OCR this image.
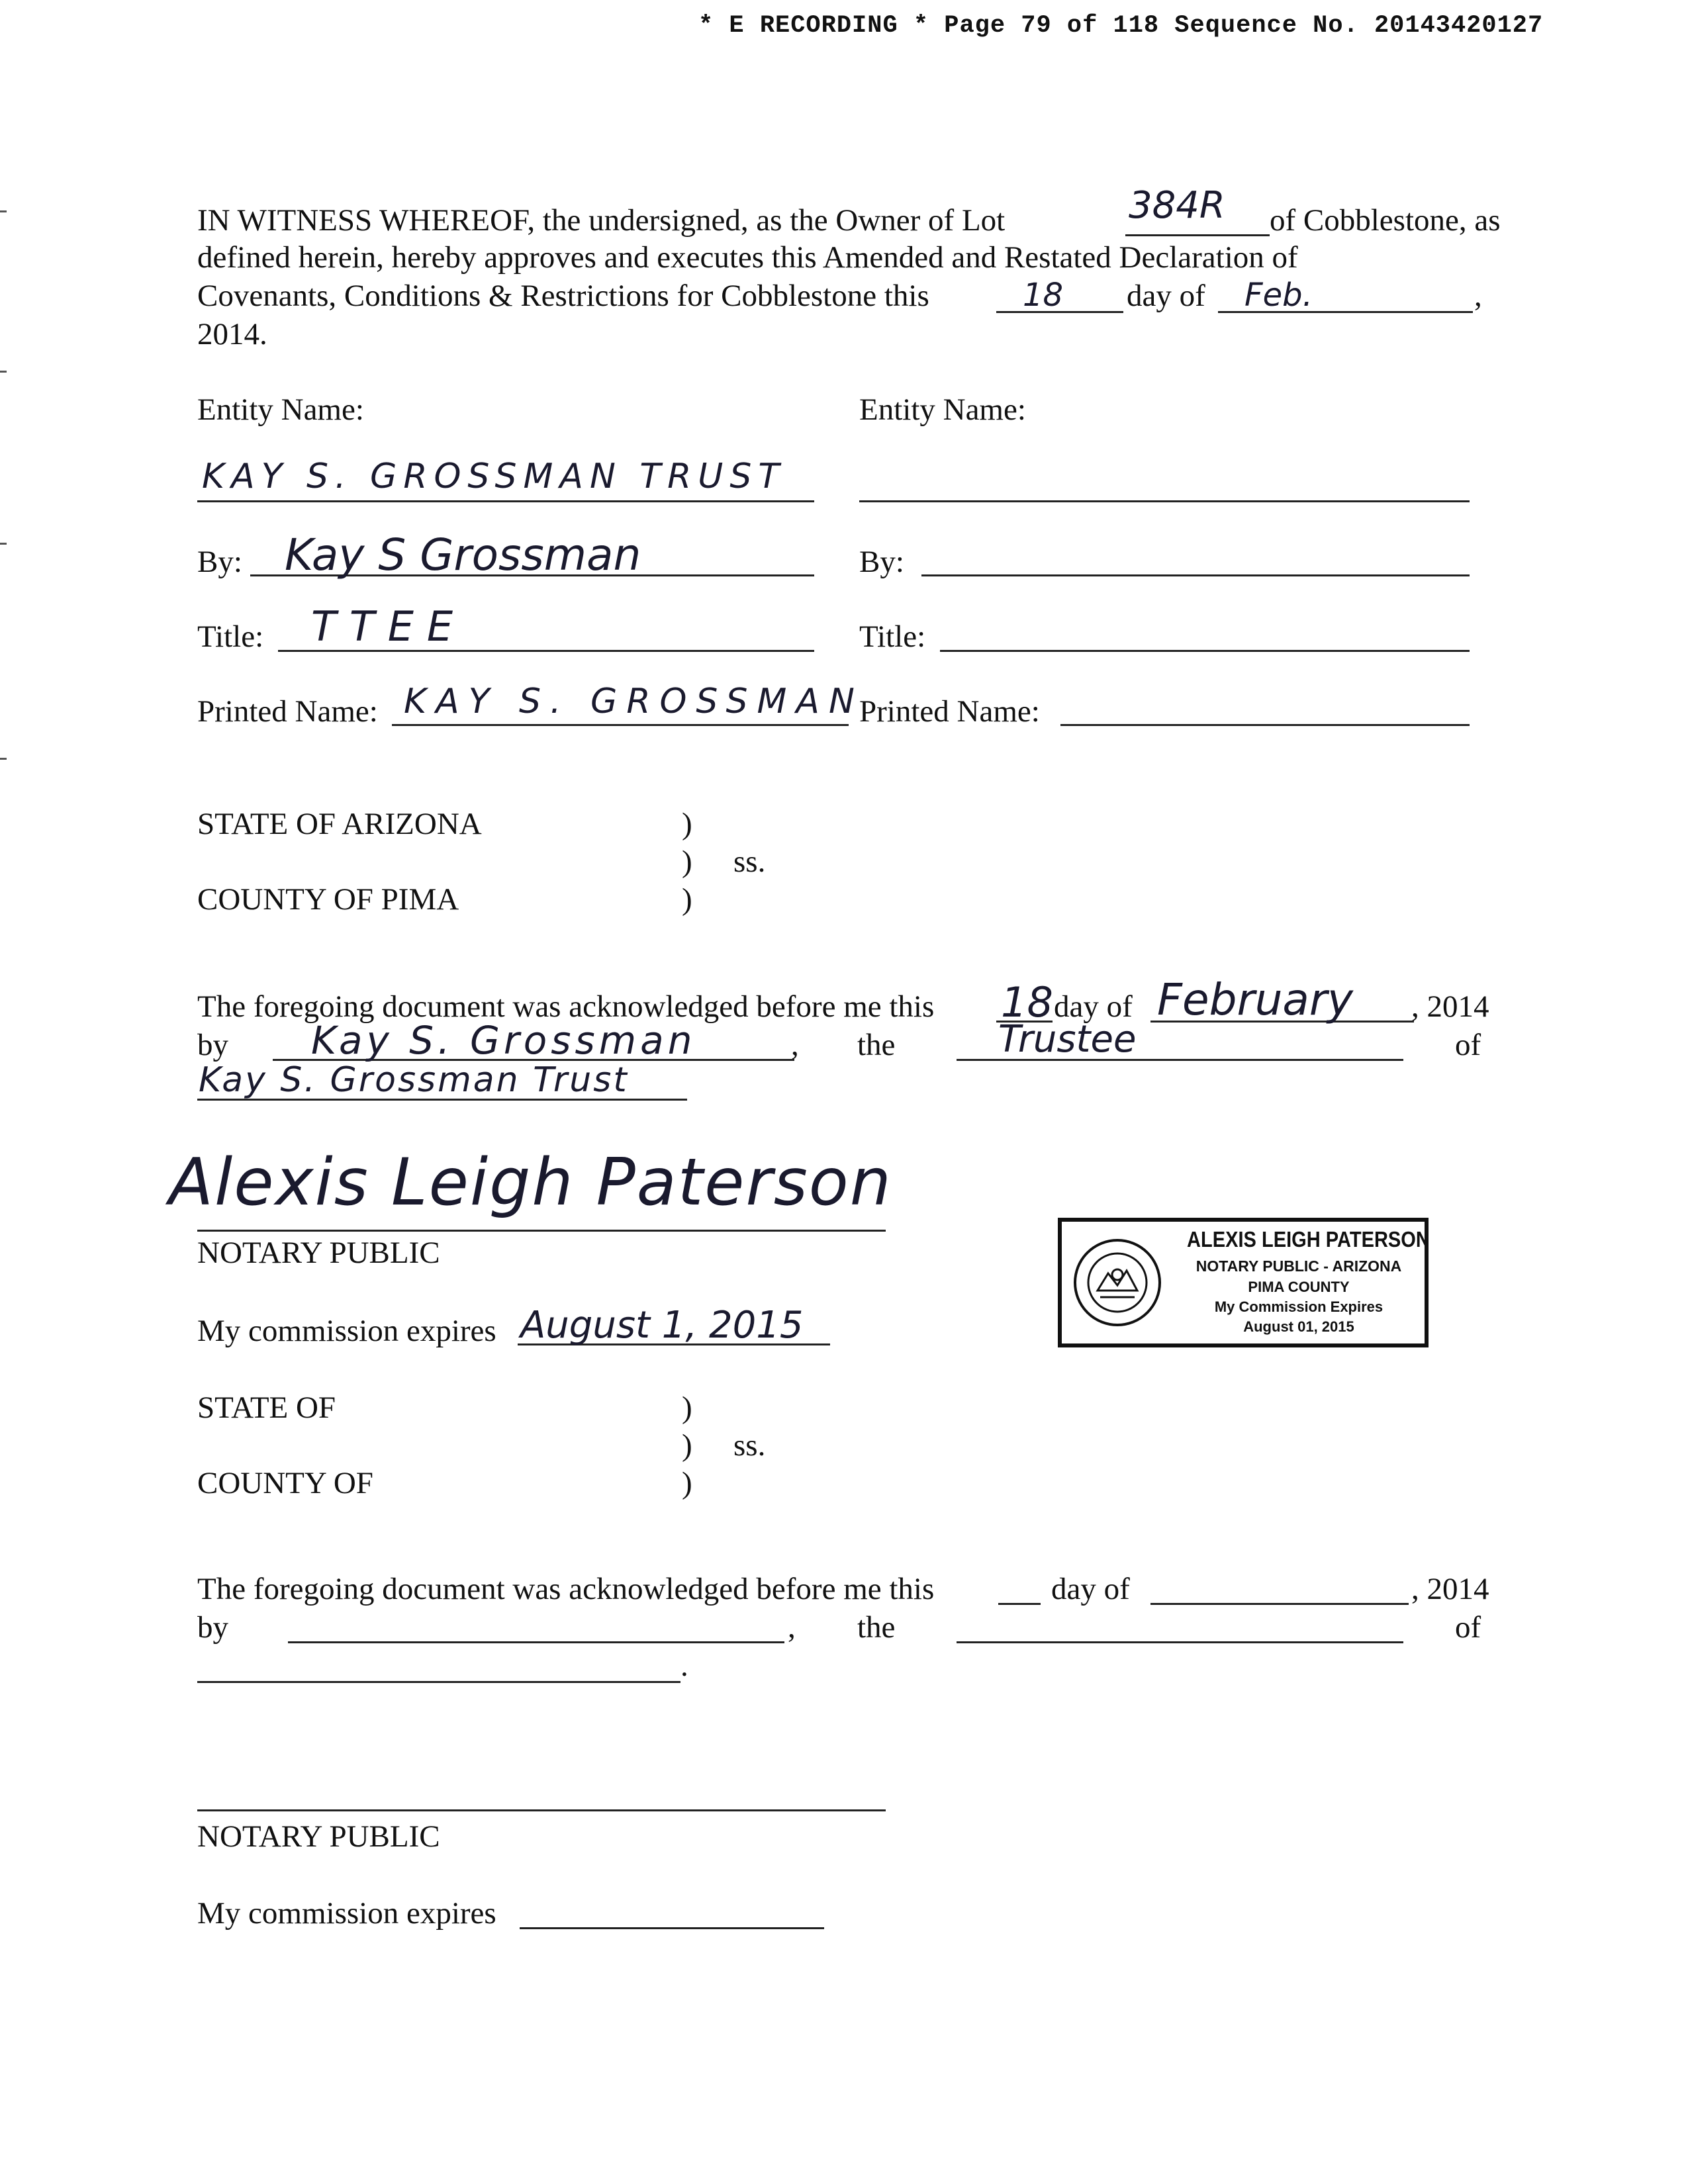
* E RECORDING * Page 79 of 118 Sequence No. 20143420127
IN WITNESS WHEREOF, the undersigned, as the Owner of Lot	384R of Cobblestone, as
defined herein, hereby approves and executes this Amended and Restated Declaration of
Covenants, Conditions & Restrictions for Cobblestone this	18 day of Feb.	,
2014.
Entity Name:
KAY S. GROSSMAN TRUST
By: Kay S Grossman
Title: TTEE
Printed Name: KAY S. GROSSMAN
Entity Name:
By:
Title:
Printed Name:
STATE OF ARIZONA	)
) ss.
COUNTY OF PIMA	)
The foregoing document was acknowledged before me this 18 day of February , 2014
by Kay S. Grossman	, the	Trustee	of
Kay S. Grossman Trust
Alexis Leigh Paterson
NOTARY PUBLIC	ALEXIS LEIGH PATERSON
NOTARY PUBLIC - ARIZONA
PIMA COUNTY
My Commission Expires
August 01, 2015
My commission expires August 1, 2015
STATE OF	)
) ss.
COUNTY OF	)
The foregoing document was acknowledged before me this	day of	, 2014
by	, the	of
.
NOTARY PUBLIC
My commission expires
